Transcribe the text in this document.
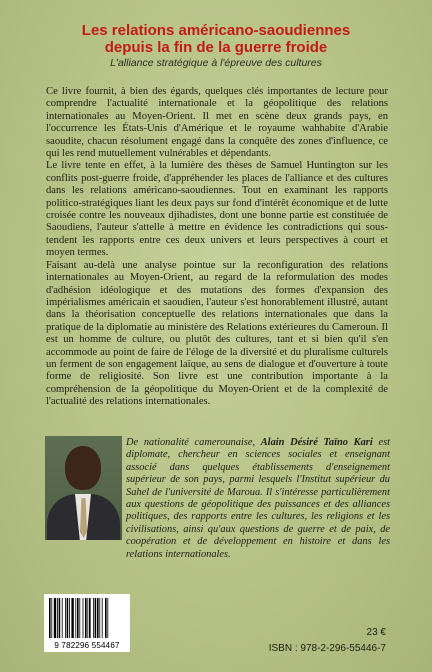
Les relations américano-saoudiennes
depuis la fin de la guerre froide
L'alliance stratégique à l'épreuve des cultures

Ce livre fournit, à bien des égards, quelques clés importantes de lecture pour comprendre l'actualité internationale et la géopolitique des relations internationales au Moyen-Orient. Il met en scène deux grands pays, en l'occurrence les États-Unis d'Amérique et le royaume wahhabite d'Arabie saoudite, chacun résolument engagé dans la conquête des zones d'influence, ce qui les rend mutuellement vulnérables et dépendants.

Le livre tente en effet, à la lumière des thèses de Samuel Huntington sur les conflits post-guerre froide, d'appréhender les places de l'alliance et des cultures dans les relations américano-saoudiennes. Tout en examinant les rapports politico-stratégiques liant les deux pays sur fond d'intérêt économique et de lutte croisée contre les nouveaux djihadistes, dont une bonne partie est constituée de Saoudiens, l'auteur s'attelle à mettre en évidence les contradictions qui sous-tendent les rapports entre ces deux univers et leurs perspectives à court et moyen termes.

Faisant au-delà une analyse pointue sur la reconfiguration des relations internationales au Moyen-Orient, au regard de la reformulation des modes d'adhésion idéologique et des mutations des formes d'expansion des impérialismes américain et saoudien, l'auteur s'est honorablement illustré, autant dans la théorisation conceptuelle des relations internationales que dans la pratique de la diplomatie au ministère des Relations extérieures du Cameroun. Il est un homme de culture, ou plutôt des cultures, tant et si bien qu'il s'en accommode au point de faire de l'éloge de la diversité et du pluralisme culturels un ferment de son engagement laïque, au sens de dialogue et d'ouverture à toute forme de religiosité. Son livre est une contribution importante à la compréhension de la géopolitique du Moyen-Orient et de la complexité de l'actualité des relations internationales.

De nationalité camerounaise, Alain Désiré Taïno Kari est diplomate, chercheur en sciences sociales et enseignant associé dans quelques établissements d'enseignement supérieur de son pays, parmi lesquels l'Institut supérieur du Sahel de l'université de Maroua. Il s'intéresse particulièrement aux questions de géopolitique des puissances et des alliances politiques, des rapports entre les cultures, les religions et les civilisations, ainsi qu'aux questions de guerre et de paix, de coopération et de développement en histoire et dans les relations internationales.
9 782296 554467
23 €
ISBN : 978-2-296-55446-7
